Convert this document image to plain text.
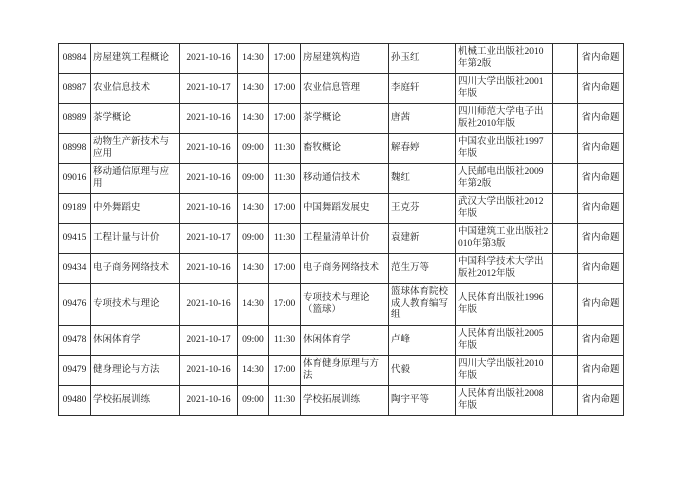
08984	房屋建筑工程概论	2021-10-16	14:30	17:00	房屋建筑构造	孙玉红	机械工业出版社2010年第2版		省内命题
08987	农业信息技术	2021-10-17	14:30	17:00	农业信息管理	李庭轩	四川大学出版社2001年版		省内命题
08989	茶学概论	2021-10-16	14:30	17:00	茶学概论	唐茜	四川师范大学电子出版社2010年版		省内命题
08998	动物生产新技术与应用	2021-10-16	09:00	11:30	畜牧概论	解春婷	中国农业出版社1997年版		省内命题
09016	移动通信原理与应用	2021-10-16	09:00	11:30	移动通信技术	魏红	人民邮电出版社2009年第2版		省内命题
09189	中外舞蹈史	2021-10-16	14:30	17:00	中国舞蹈发展史	王克芬	武汉大学出版社2012年版		省内命题
09415	工程计量与计价	2021-10-17	09:00	11:30	工程量清单计价	袁建新	中国建筑工业出版社2010年第3版		省内命题
09434	电子商务网络技术	2021-10-16	14:30	17:00	电子商务网络技术	范生万等	中国科学技术大学出版社2012年版		省内命题
09476	专项技术与理论	2021-10-16	14:30	17:00	专项技术与理论（篮球）	篮球体育院校成人教育编写组	人民体育出版社1996年版		省内命题
09478	休闲体育学	2021-10-17	09:00	11:30	休闲体育学	卢峰	人民体育出版社2005年版		省内命题
09479	健身理论与方法	2021-10-16	14:30	17:00	体育健身原理与方法	代毅	四川大学出版社2010年版		省内命题
09480	学校拓展训练	2021-10-16	09:00	11:30	学校拓展训练	陶宇平等	人民体育出版社2008年版		省内命题
